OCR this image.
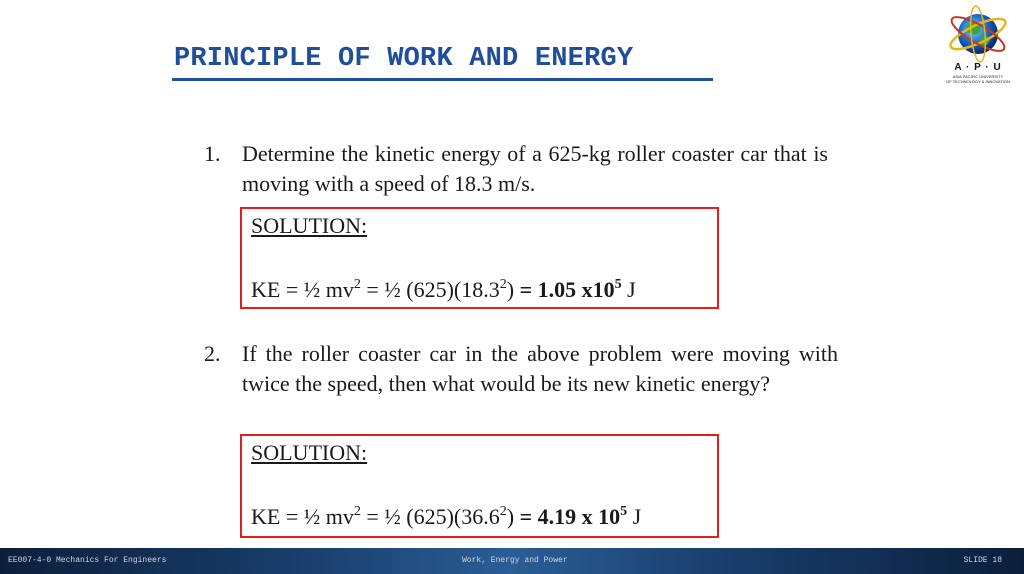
PRINCIPLE OF WORK AND ENERGY	A · P · U
ASIA PACIFIC UNIVERSITY
OF TECHNOLOGY & INNOVATION
1. Determine the kinetic energy of a 625-kg roller coaster car that is moving with a speed of 18.3 m/s.
SOLUTION:
KE = ½ $mv^2$ = ½ $(625)(18.3^2) = 1.05$ $x10^5$ J
2. If the roller coaster car in the above problem were moving with twice the speed, then what would be its new kinetic energy?
SOLUTION:
KE = ½ $mv^2$ = ½ $(625)(36.6^2) = 4.19$ x $10^5$ J
EE007-4-0 Mechanics For Engineers	Work, Energy and Power	SLIDE 18
